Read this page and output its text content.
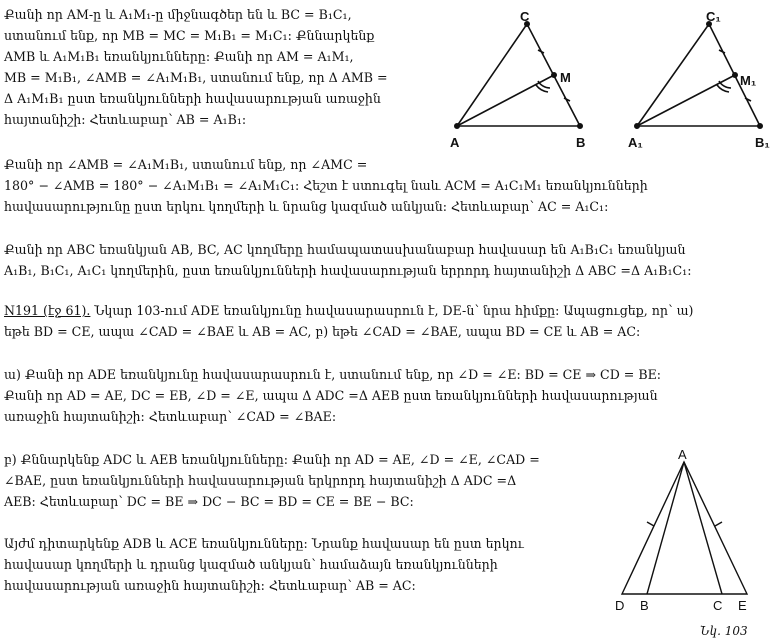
Քանի որ AM-ը և A₁M₁-ը միջնագծեր են և BC = B₁C₁,
ստանում ենք, որ MB = MC = M₁B₁ = M₁C₁: Քննարկենք
AMB և A₁M₁B₁ եռանկյունները: Քանի որ AM = A₁M₁,
MB = M₁B₁, ∠AMB = ∠A₁M₁B₁, ստանում ենք, որ Δ AMB =
Δ A₁M₁B₁ ըստ եռանկյունների հավասարության առաջին
հայտանիշի: Հետևաբար՝ AB = A₁B₁:
A	B
C
M
A₁	B₁
C₁
M₁
Քանի որ ∠AMB = ∠A₁M₁B₁, ստանում ենք, որ ∠AMC =
180° − ∠AMB = 180° − ∠A₁M₁B₁ = ∠A₁M₁C₁: Հեշտ է ստուգել նաև ACM = A₁C₁M₁ եռանկյունների
հավասարությունը ըստ երկու կողմերի և նրանց կազմած անկյան: Հետևաբար՝ AC = A₁C₁:
Քանի որ ABC եռանկյան AB, BC, AC կողմերը համապատասխանաբար հավասար են A₁B₁C₁ եռանկյան
A₁B₁, B₁C₁, A₁C₁ կողմերին, ըստ եռանկյունների հավասարության երրորդ հայտանիշի Δ ABC =Δ A₁B₁C₁:
N191 (էջ 61). Նկար 103-ում ADE եռանկյունը հավասարասրուն է, DE-ն՝ նրա հիմքը: Ապացուցեք, որ՝ ա)
եթե BD = CE, ապա ∠CAD = ∠BAE և AB = AC, բ) եթե ∠CAD = ∠BAE, ապա BD = CE և AB = AC:
ա) Քանի որ ADE եռանկյունը հավասարասրուն է, ստանում ենք, որ ∠D = ∠E: BD = CE ⇒ CD = BE:
Քանի որ AD = AE, DC = EB, ∠D = ∠E, ապա Δ ADC =Δ AEB ըստ եռանկյունների հավասարության
առաջին հայտանիշի: Հետևաբար՝ ∠CAD = ∠BAE:
բ) Քննարկենք ADC և AEB եռանկյունները: Քանի որ AD = AE, ∠D = ∠E, ∠CAD =
∠BAE, ըստ եռանկյունների հավասարության երկրորդ հայտանիշի Δ ADC =Δ
AEB: Հետևաբար՝ DC = BE ⇒ DC − BC = BD = CE = BE − BC:
Այժմ դիտարկենք ADB և ACE եռանկյունները: Նրանք հավասար են ըստ երկու
հավասար կողմերի և դրանց կազմած անկյան՝ համաձայն եռանկյունների
հավասարության առաջին հայտանիշի: Հետևաբար՝ AB = AC:
A
D B	C E
Նկ. 103
